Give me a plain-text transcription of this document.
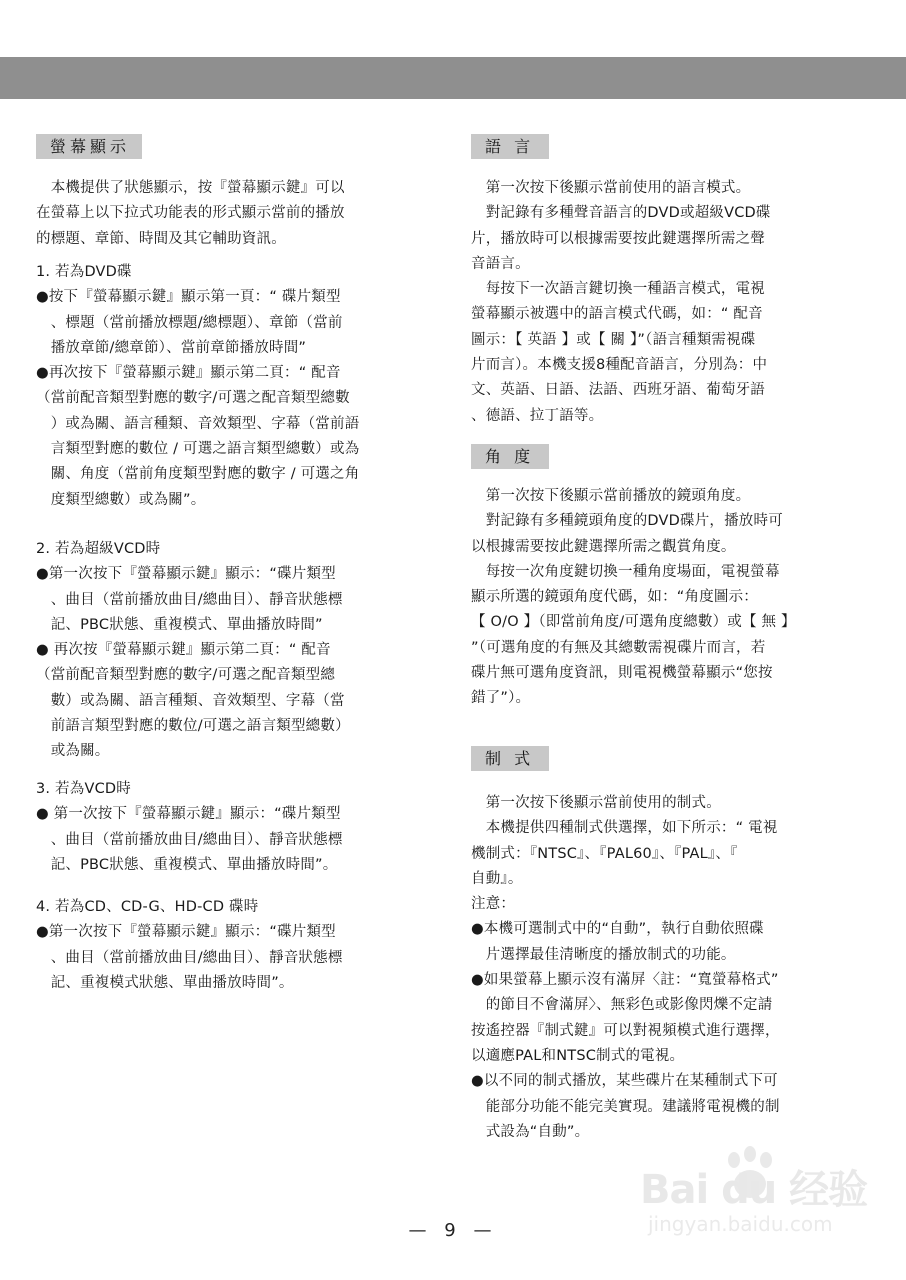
螢幕顯示
　本機提供了狀態顯示，按『螢幕顯示鍵』可以
在螢幕上以下拉式功能表的形式顯示當前的播放
的標題、章節、時間及其它輔助資訊。
1. 若為DVD碟
●按下『螢幕顯示鍵』顯示第一頁：“ 碟片類型
　、標題（當前播放標題/總標題）、章節（當前
　播放章節/總章節）、當前章節播放時間”
●再次按下『螢幕顯示鍵』顯示第二頁：“ 配音
（當前配音類型對應的數字/可選之配音類型總數
　）或為關、語言種類、音效類型、字幕（當前語
　言類型對應的數位 / 可選之語言類型總數）或為
　關、角度（當前角度類型對應的數字 / 可選之角
　度類型總數）或為關”。
2. 若為超級VCD時
●第一次按下『螢幕顯示鍵』顯示：“碟片類型
　、曲目（當前播放曲目/總曲目）、靜音狀態標
　記、PBC狀態、重複模式、單曲播放時間”
● 再次按『螢幕顯示鍵』顯示第二頁：“ 配音
（當前配音類型對應的數字/可選之配音類型總
　數）或為關、語言種類、音效類型、字幕（當
　前語言類型對應的數位/可選之語言類型總數）
　或為關。
3. 若為VCD時
● 第一次按下『螢幕顯示鍵』顯示：“碟片類型
　、曲目（當前播放曲目/總曲目）、靜音狀態標
　記、PBC狀態、重複模式、單曲播放時間”。
4. 若為CD、CD-G、HD-CD 碟時
●第一次按下『螢幕顯示鍵』顯示：“碟片類型
　、曲目（當前播放曲目/總曲目）、靜音狀態標
　記、重複模式狀態、單曲播放時間”。
語 言
　第一次按下後顯示當前使用的語言模式。
　對記錄有多種聲音語言的DVD或超級VCD碟
片，播放時可以根據需要按此鍵選擇所需之聲
音語言。
　每按下一次語言鍵切換一種語言模式，電視
螢幕顯示被選中的語言模式代碼，如：“ 配音
圖示：【 英語 】或【 關 】”（語言種類需視碟
片而言）。本機支援8種配音語言，分別為：中
文、英語、日語、法語、西班牙語、葡萄牙語
、德語、拉丁語等。
角 度
　第一次按下後顯示當前播放的鏡頭角度。
　對記錄有多種鏡頭角度的DVD碟片，播放時可
以根據需要按此鍵選擇所需之觀賞角度。
　每按一次角度鍵切換一種角度場面，電視螢幕
顯示所選的鏡頭角度代碼，如：“角度圖示：
【 O/O 】（即當前角度/可選角度總數）或【 無 】
”（可選角度的有無及其總數需視碟片而言，若
碟片無可選角度資訊，則電視機螢幕顯示“您按
錯了”）。
制 式
　第一次按下後顯示當前使用的制式。
　本機提供四種制式供選擇，如下所示：“ 電視
機制式：『NTSC』、『PAL60』、『PAL』、『
自動』。
注意：
●本機可選制式中的“自動”，執行自動依照碟
　片選擇最佳清晰度的播放制式的功能。
●如果螢幕上顯示沒有滿屏〈註：“寬螢幕格式”
　的節目不會滿屏〉、無彩色或影像閃爍不定請
按遙控器『制式鍵』可以對視頻模式進行選擇，
以適應PAL和NTSC制式的電視。
●以不同的制式播放，某些碟片在某種制式下可
　能部分功能不能完美實現。建議將電視機的制
　式設為“自動”。
— 9 —
Bai du 经验
jingyan.baidu.com
